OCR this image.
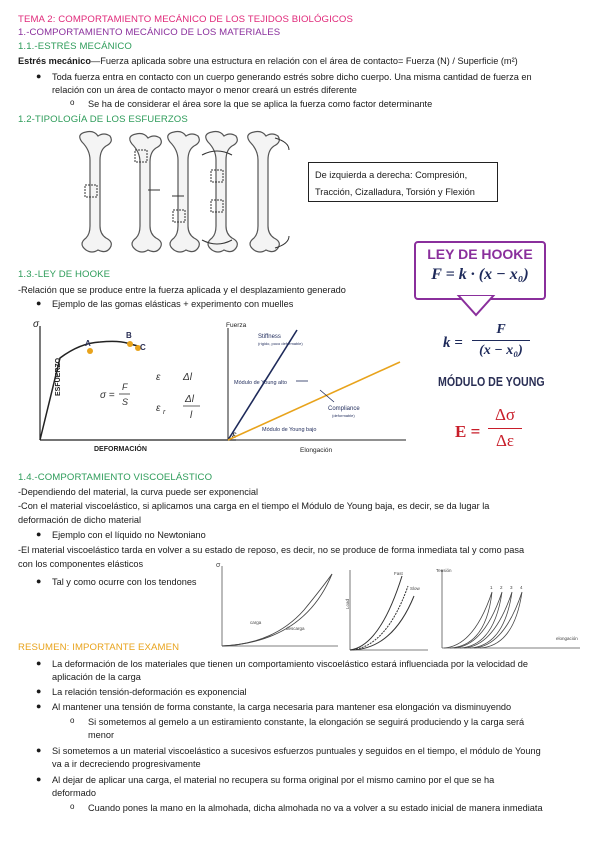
TEMA 2: COMPORTAMIENTO MECÁNICO DE LOS TEJIDOS BIOLÓGICOS
1.-COMPORTAMIENTO MECÁNICO DE LOS MATERIALES
1.1.-ESTRÉS MECÁNICO
Estrés mecánico—Fuerza aplicada sobre una estructura en relación con el área de contacto= Fuerza (N) / Superficie (m²)
● Toda fuerza entra en contacto con un cuerpo generando estrés sobre dicho cuerpo. Una misma cantidad de fuerza en
relación con un área de contacto mayor o menor creará un estrés diferente
o Se ha de considerar el área sore la que se aplica la fuerza como factor determinante
1.2-TIPOLOGÍA DE LOS ESFUERZOS
De izquierda a derecha: Compresión,
Tracción, Cizalladura, Torsión y Flexión
1.3.-LEY DE HOOKE
-Relación que se produce entre la fuerza aplicada y el desplazamiento generado
● Ejemplo de las gomas elásticas + experimento con muelles
LEY DE HOOKE
F = k · (x − x₀)
k =
F
(x − x₀)
MÓDULO DE YOUNG
E =
Δσ
Δε
σ
ε
ESFUERZO
DEFORMACIÓN
A
B
C
σ =
F
S
ε Δl
ε r
Δl
l
Fuerza
Elongación
Stiffness
(rígido, poco deformable)
Módulo de Young alto
Compliance
(deformable)
Módulo de Young bajo
1.4.-COMPORTAMIENTO VISCOELÁSTICO
-Dependiendo del material, la curva puede ser exponencial
-Con el material viscoelástico, si aplicamos una carga en el tiempo el Módulo de Young baja, es decir, se da lugar la
deformación de dicho material
● Ejemplo con el líquido no Newtoniano
-El material viscoelástico tarda en volver a su estado de reposo, es decir, no se produce de forma inmediata tal y como pasa
con los componentes elásticos
● Tal y como ocurre con los tendones
σ
carga
descarga
Load
Fast
Slow
Tensión
elongación
1 2 3 4
RESUMEN: IMPORTANTE EXAMEN
● La deformación de los materiales que tienen un comportamiento viscoelástico estará influenciada por la velocidad de
aplicación de la carga
● La relación tensión-deformación es exponencial
● Al mantener una tensión de forma constante, la carga necesaria para mantener esa elongación va disminuyendo
o Si sometemos al gemelo a un estiramiento constante, la elongación se seguirá produciendo y la carga será
menor
● Si sometemos a un material viscoelástico a sucesivos esfuerzos puntuales y seguidos en el tiempo, el módulo de Young
va a ir decreciendo progresivamente
● Al dejar de aplicar una carga, el material no recupera su forma original por el mismo camino por el que se ha
deformado
o Cuando pones la mano en la almohada, dicha almohada no va a volver a su estado inicial de manera inmediata
